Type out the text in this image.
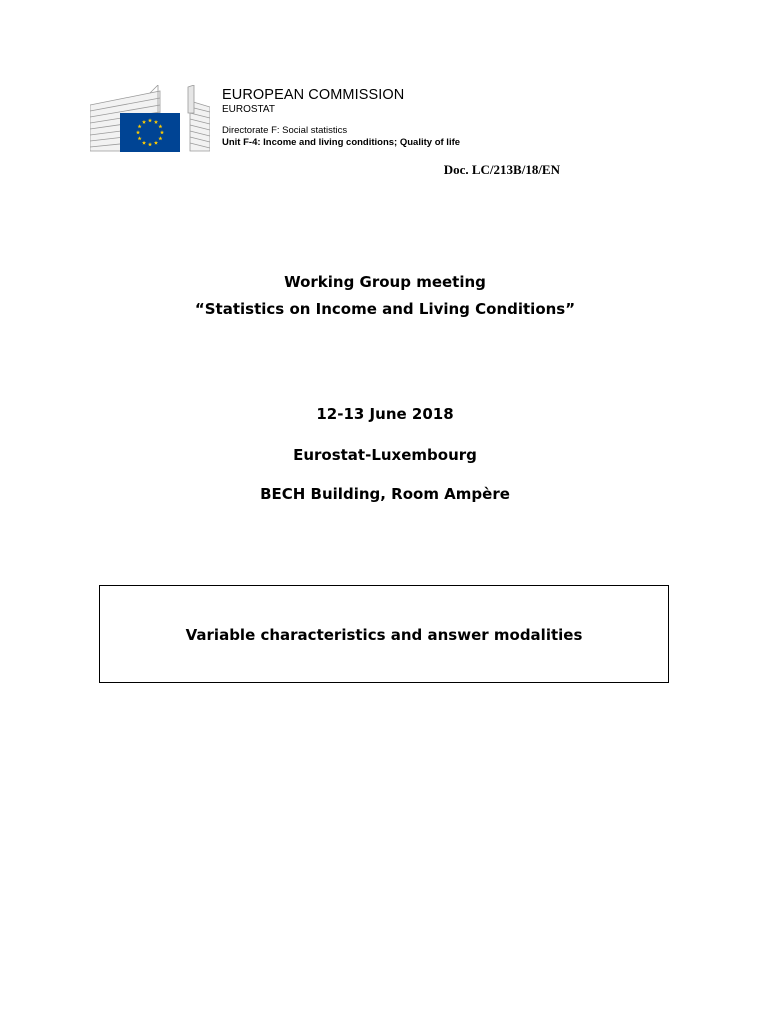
EUROPEAN COMMISSION
EUROSTAT
Directorate F: Social statistics
Unit F-4: Income and living conditions; Quality of life
Doc. LC/213B/18/EN
Working Group meeting
“Statistics on Income and Living Conditions”
12-13 June 2018
Eurostat-Luxembourg
BECH Building, Room Ampère
Variable characteristics and answer modalities
